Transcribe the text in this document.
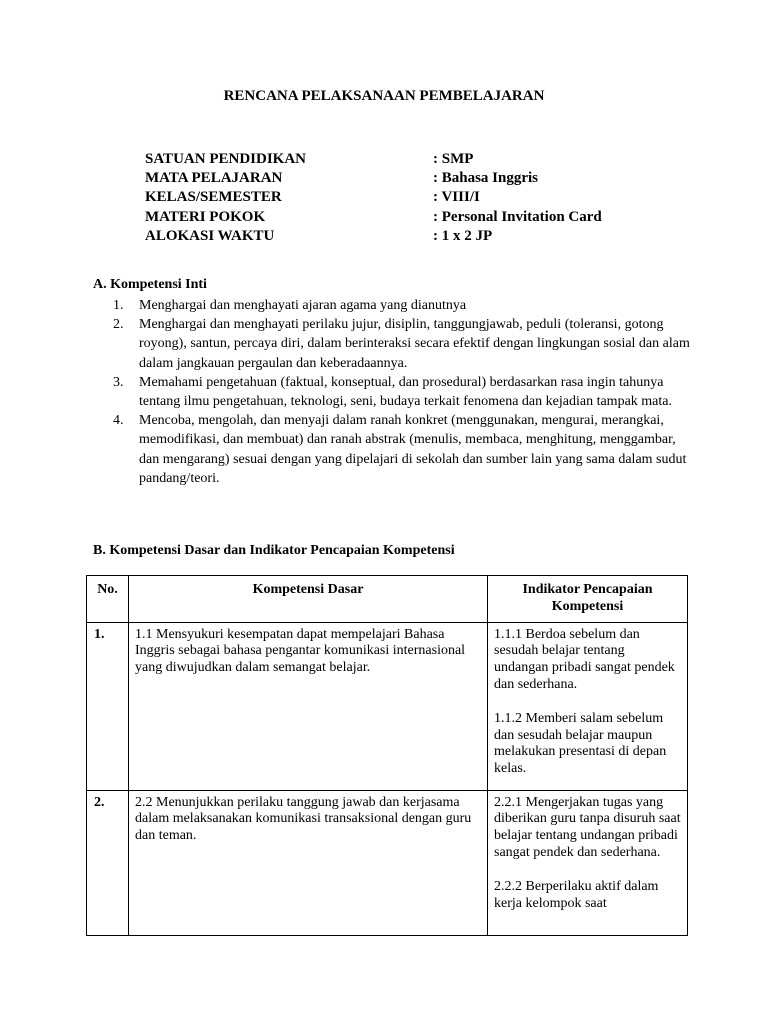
RENCANA PELAKSANAAN PEMBELAJARAN
SATUAN PENDIDIKAN	: SMP
MATA PELAJARAN	: Bahasa Inggris
KELAS/SEMESTER	: VIII/I
MATERI POKOK	: Personal Invitation Card
ALOKASI WAKTU	: 1 x 2 JP
A. Kompetensi Inti
1. Menghargai dan menghayati ajaran agama yang dianutnya
2. Menghargai dan menghayati perilaku jujur, disiplin, tanggungjawab, peduli (toleransi, gotong royong), santun, percaya diri, dalam berinteraksi secara efektif dengan lingkungan sosial dan alam dalam jangkauan pergaulan dan keberadaannya.
3. Memahami pengetahuan (faktual, konseptual, dan prosedural) berdasarkan rasa ingin tahunya tentang ilmu pengetahuan, teknologi, seni, budaya terkait fenomena dan kejadian tampak mata.
4. Mencoba, mengolah, dan menyaji dalam ranah konkret (menggunakan, mengurai, merangkai, memodifikasi, dan membuat) dan ranah abstrak (menulis, membaca, menghitung, menggambar, dan mengarang) sesuai dengan yang dipelajari di sekolah dan sumber lain yang sama dalam sudut pandang/teori.
B. Kompetensi Dasar dan Indikator Pencapaian Kompetensi
No.	Kompetensi Dasar	Indikator Pencapaian Kompetensi
1.	1.1 Mensyukuri kesempatan dapat mempelajari Bahasa Inggris sebagai bahasa pengantar komunikasi internasional yang diwujudkan dalam semangat belajar.	1.1.1 Berdoa sebelum dan sesudah belajar tentang undangan pribadi sangat pendek dan sederhana.
1.1.2 Memberi salam sebelum dan sesudah belajar maupun melakukan presentasi di depan kelas.

2.	2.2 Menunjukkan perilaku tanggung jawab dan kerjasama dalam melaksanakan komunikasi transaksional dengan guru dan teman.	2.2.1 Mengerjakan tugas yang diberikan guru tanpa disuruh saat belajar tentang undangan pribadi sangat pendek dan sederhana.
2.2.2 Berperilaku aktif dalam kerja kelompok saat
